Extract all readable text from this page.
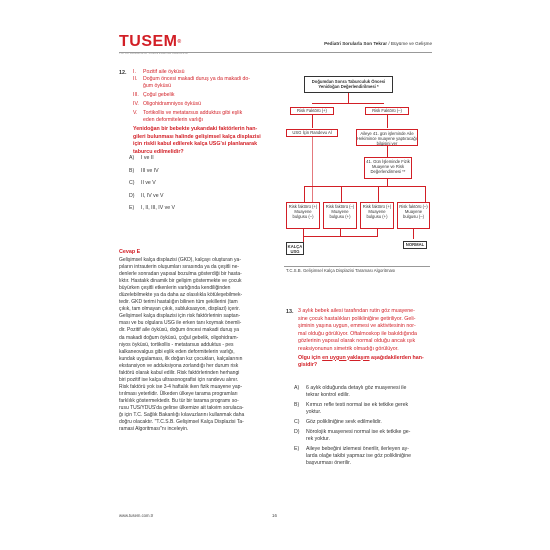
TUSEM®
TIPTA UZMANLIK SINAVLARINA HAZIRLIK
Pediatri Sorularla Son Tekrar / Büyüme ve Gelişme
12. I. Pozitif aile öyküsü
II. Doğum öncesi makadi duruş ya da makadi do-
ğum öyküsü
III. Çoğul gebelik
IV. Oligohidramniyos öyküsü
V. Tortikollis ve metatarsus adduktus gibi eşlik
eden deformitelerin varlığı
Yenidoğan bir bebekte yukarıdaki faktörlerin han-
gileri bulunması halinde gelişimsel kalça displazisi
için riskli kabul edilerek kalça USG'si planlanarak
taburcu edilmelidir?
A) I ve II
B) III ve IV
C) II ve V
D) II, IV ve V
E) I, II, III, IV ve V
Cevap E
Gelişimsel kalça displazisi (GKD), kalçayı oluşturan ya-
pıların intrauterin oluşumları sırasında ya da çeşitli ne-
denlerle sonradan yapısal bozulma gösterdiği bir hasta-
lıktır. Hastalık dinamik bir gelişim göstermekte ve çocuk
büyürken çeşitli etkenlerin varlığında kendiliğinden
düzelebilmekte ya da daha az olasılıkla kötüleşebilmek-
tedir. GKD terimi hastalığın bilinen tüm şekillerini (tam
çıkık, tam olmayan çıkık, subluksasyon, displazi) içerir.
Gelişimsel kalça displazisi için risk faktörlerinin saptan-
ması ve bu olgulara USG ile erken tanı koymak önemli-
dir. Pozitif aile öyküsü, doğum öncesi makadi duruş ya
da makadi doğum öyküsü, çoğul gebelik, oligohidram-
niyos öyküsü, tortikollis - metatarsus adduktus - pes
kalkaneovalgus gibi eşlik eden deformitelerin varlığı,
kundak uygulaması, ilk doğan kız çocukları, kalçalarının
ekstansiyon ve adduksiyona zorlandığı her durum risk
faktörü olarak kabul edilir. Risk faktörlerinden herhangi
biri pozitif ise kalça ultrasonografisi için randevu alınır.
Risk faktörü yok ise 3-4 haftalık iken fizik muayene yap-
tırılması yeterlidir. Ülkeden ülkeye tarama programları
farklılık göstermektedir. Bu tür bir tarama programı so-
rusu TUS/YDUS'da gelirse ülkemize ait takvim sorulaca-
ğı için T.C. Sağlık Bakanlığı kılavuzlarını kullanmak daha
doğru olacaktır. "T.C.S.B. Gelişimsel Kalça Displazisi Ta-
ramasi Algoritması"nı inceleyin.
Doğumdan Sonra Taburculuk Öncesi Yenidoğan Değerlendirilmesi *
Risk Faktörü (+)	Risk Faktörü (–)
USG İçin Randevu Al	Aileye 41. gün işleminde Aile Hekimince muayene yaptıracağı bilgisini ver
41. Gün İşleminde Fizik Muayene ve Risk Değerlendirmesi **
Risk faktörü (+) Muayene bulgusu (–)
Risk faktörü (–) Muayene bulgusu (+)
Risk faktörü (+) Muayene bulgusu (+)
Risk faktörü (–) Muayene bulgusu (–)
KALÇA USG
NORMAL
T.C.S.B. Gelişimsel Kalça Displazisi Taraması Algoritması
13. 3 aylık bebek ailesi tarafından rutin göz muayene-
sine çocuk hastalıkları polikliniğine getiriliyor. Geli-
şiminin yaşına uygun, emmesi ve aktivitesinin nor-
mal olduğu görülüyor. Oftalmoskop ile bakıldığında
gözlerinin yapısal olarak normal olduğu ancak ışık
reaksiyonunun simetrik olmadığı görülüyor.
Olgu için en uygun yaklaşım aşağıdakilerden han-
gisidir?
A) 6 aylık olduğunda detaylı göz muayenesi ile
tekrar kontrol edilir.
B) Kırmızı refle testi normal ise ek tetkike gerek
yoktur.
C) Göz polikliniğine sevk edilmelidir.
D) Nörolojik muayenesi normal ise ek tetkike ge-
rek yoktur.
E) Aileye bebeğini izlemesi önerilir, ilerleyen ay-
larda olağe takibi yapmaz ise göz polikliniğine
başvurması önerilir.
www.tusem.com.tr	16
